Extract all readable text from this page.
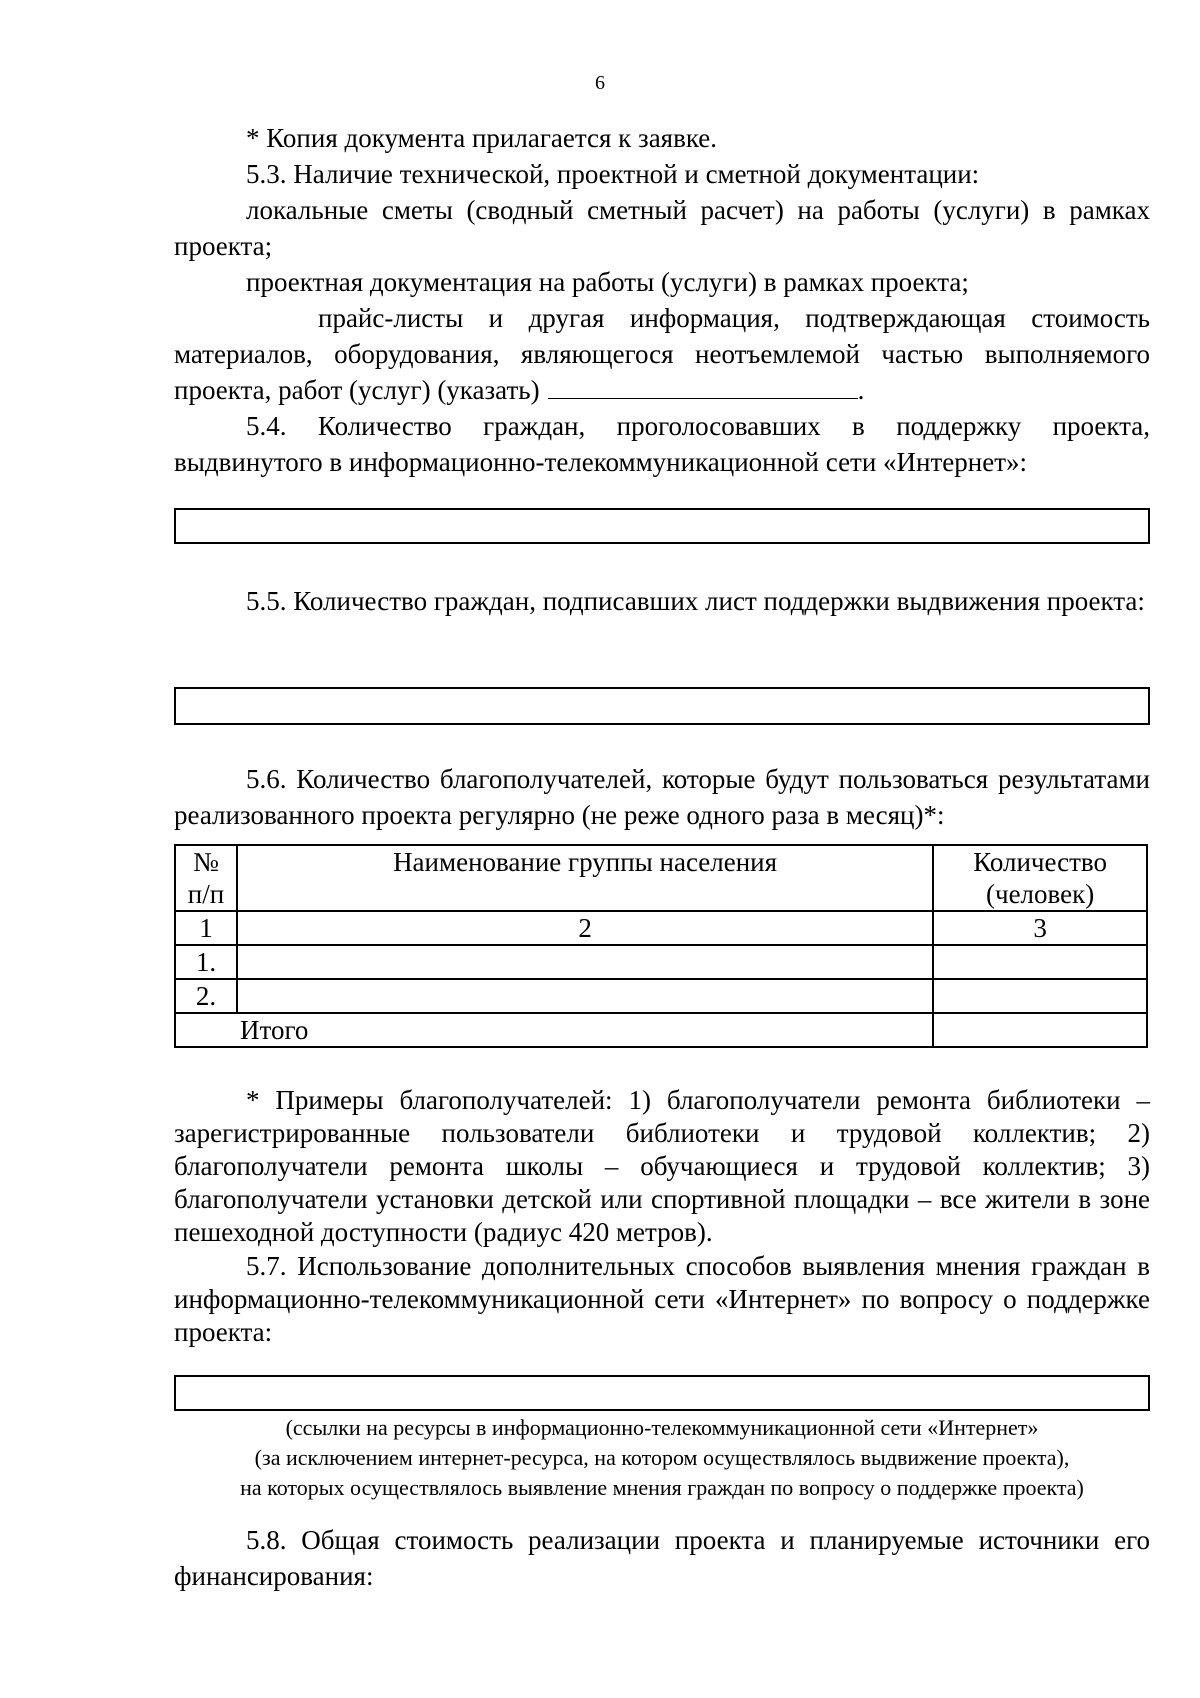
6
* Копия документа прилагается к заявке.
5.3. Наличие технической, проектной и сметной документации:
локальные сметы (сводный сметный расчет) на работы (услуги) в рамках проекта;
проектная документация на работы (услуги) в рамках проекта;
прайс-листы и другая информация, подтверждающая стоимость
материалов, оборудования, являющегося неотъемлемой частью выполняемого
проекта, работ (услуг) (указать)	.
5.4. Количество граждан, проголосовавших в поддержку проекта, выдвинутого в информационно-телекоммуникационной сети «Интернет»:
5.5. Количество граждан, подписавших лист поддержки выдвижения проекта:
5.6. Количество благополучателей, которые будут пользоваться результатами реализованного проекта регулярно (не реже одного раза в месяц)*:
№ п/п	Наименование группы населения	Количество (человек)
1	2	3
1.		
2.		
Итого		
* Примеры благополучателей: 1) благополучатели ремонта библиотеки – зарегистрированные пользователи библиотеки и трудовой коллектив; 2) благополучатели ремонта школы – обучающиеся и трудовой коллектив; 3) благополучатели установки детской или спортивной площадки – все жители в зоне пешеходной доступности (радиус 420 метров).
5.7. Использование дополнительных способов выявления мнения граждан в информационно-телекоммуникационной сети «Интернет» по вопросу о поддержке проекта:
(ссылки на ресурсы в информационно-телекоммуникационной сети «Интернет»
(за исключением интернет-ресурса, на котором осуществлялось выдвижение проекта),
на которых осуществлялось выявление мнения граждан по вопросу о поддержке проекта)
5.8. Общая стоимость реализации проекта и планируемые источники его финансирования:
